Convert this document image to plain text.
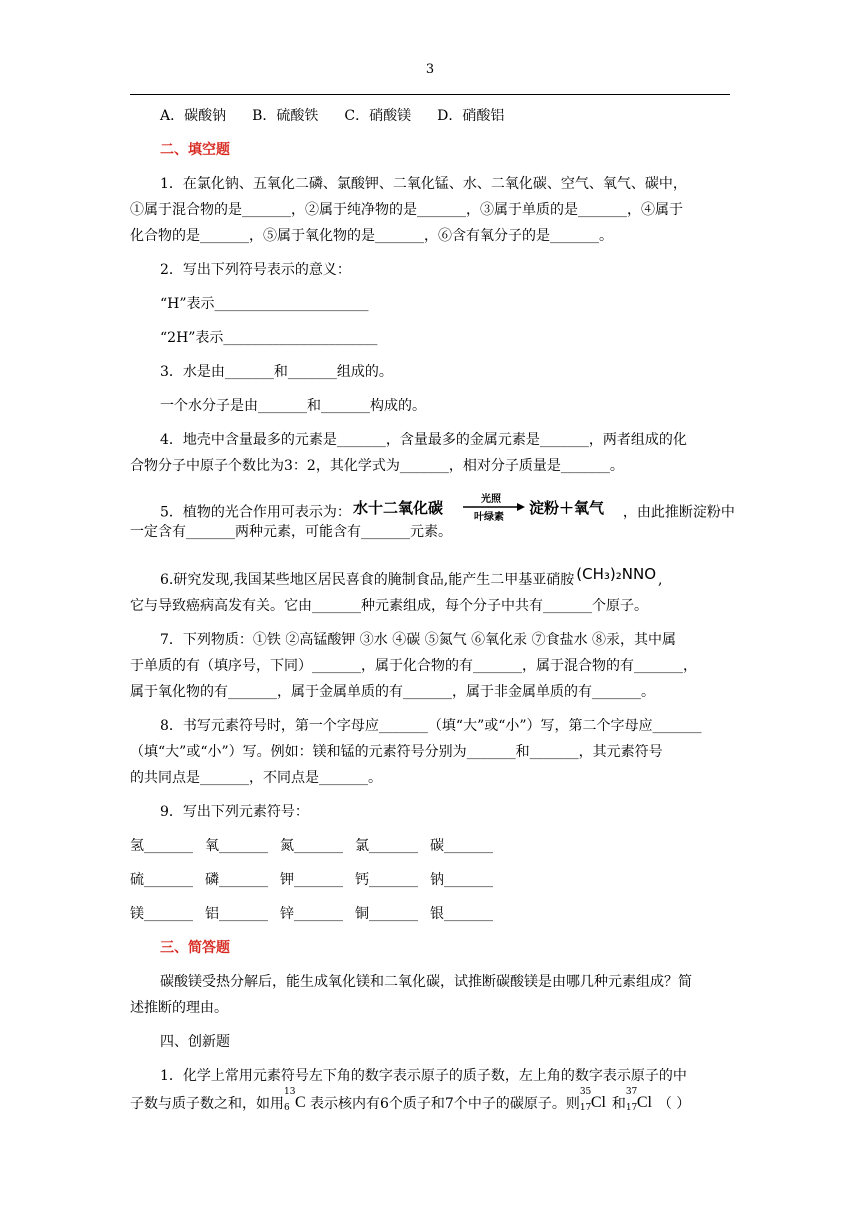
3
A．碳酸钠 B．硫酸铁 C．硝酸镁 D．硝酸铝
二、填空题
1．在氯化钠、五氧化二磷、氯酸钾、二氧化锰、水、二氧化碳、空气、氧气、碳中，
①属于混合物的是_______，②属于纯净物的是_______，③属于单质的是_______，④属于
化合物的是_______，⑤属于氧化物的是_______，⑥含有氧分子的是_______。
2．写出下列符号表示的意义：
“H”表示______________________
“2H”表示______________________
3．水是由_______和_______组成的。
一个水分子是由_______和_______构成的。
4．地壳中含量最多的元素是_______，含量最多的金属元素是_______，两者组成的化
合物分子中原子个数比为3：2，其化学式为_______，相对分子质量是_______。
5．植物的光合作用可表示为： 水十二氧化碳	光照
叶绿素
淀粉＋氧气 ，由此推断淀粉中
一定含有_______两种元素，可能含有_______元素。
6.研究发现,我国某些地区居民喜食的腌制食品,能产生二甲基亚硝胺 (CH₃)₂NNO ,
它与导致癌病高发有关。它由_______种元素组成，每个分子中共有_______个原子。
7．下列物质：①铁 ②高锰酸钾 ③水 ④碳 ⑤氮气 ⑥氧化汞 ⑦食盐水 ⑧汞，其中属
于单质的有（填序号，下同）_______，属于化合物的有_______，属于混合物的有_______，
属于氧化物的有_______，属于金属单质的有_______，属于非金属单质的有_______。
8．书写元素符号时，第一个字母应_______（填“大”或“小”）写，第二个字母应_______
（填“大”或“小”）写。例如：镁和锰的元素符号分别为_______和_______，其元素符号
的共同点是_______，不同点是_______。
9．写出下列元素符号：
氢_______ 氧_______ 氮_______ 氯_______ 碳_______
硫_______ 磷_______ 钾_______ 钙_______ 钠_______
镁_______ 铝_______ 锌_______ 铜_______ 银_______
三、简答题
碳酸镁受热分解后，能生成氧化镁和二氧化碳，试推断碳酸镁是由哪几种元素组成？简
述推断的理由。
四、创新题
1．化学上常用元素符号左下角的数字表示原子的质子数，左上角的数字表示原子的中
子数与质子数之和，如用
13
6 C 表示核内有6个质子和7个中子的碳原子。则
35
17 Cl 和
37
17 Cl （ ）
